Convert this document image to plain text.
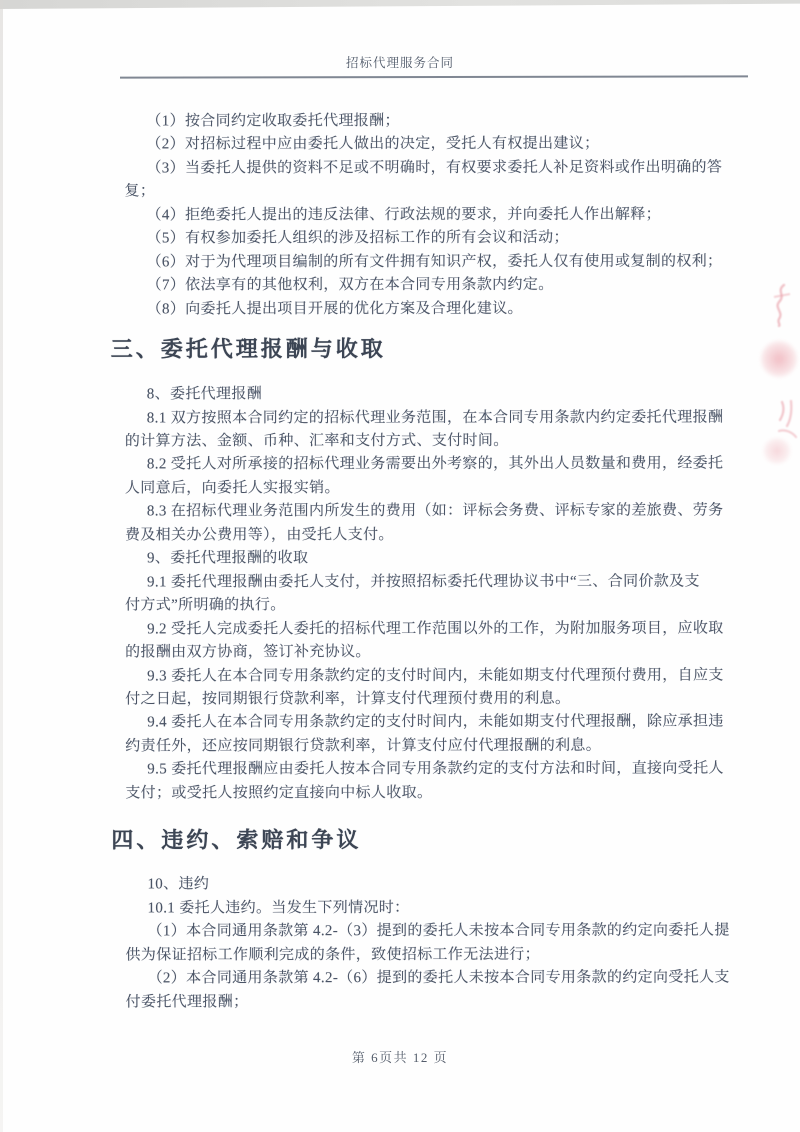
招标代理服务合同
（1）按合同约定收取委托代理报酬；
（2）对招标过程中应由委托人做出的决定，受托人有权提出建议；
（3）当委托人提供的资料不足或不明确时，有权要求委托人补足资料或作出明确的答
复；
（4）拒绝委托人提出的违反法律、行政法规的要求，并向委托人作出解释；
（5）有权参加委托人组织的涉及招标工作的所有会议和活动；
（6）对于为代理项目编制的所有文件拥有知识产权，委托人仅有使用或复制的权利；
（7）依法享有的其他权利，双方在本合同专用条款内约定。
（8）向委托人提出项目开展的优化方案及合理化建议。
三、委托代理报酬与收取
8、委托代理报酬
8.1 双方按照本合同约定的招标代理业务范围，在本合同专用条款内约定委托代理报酬
的计算方法、金额、币种、汇率和支付方式、支付时间。
8.2 受托人对所承接的招标代理业务需要出外考察的，其外出人员数量和费用，经委托
人同意后，向委托人实报实销。
8.3 在招标代理业务范围内所发生的费用（如：评标会务费、评标专家的差旅费、劳务
费及相关办公费用等），由受托人支付。
9、委托代理报酬的收取
9.1 委托代理报酬由委托人支付，并按照招标委托代理协议书中“三、合同价款及支
付方式”所明确的执行。
9.2 受托人完成委托人委托的招标代理工作范围以外的工作，为附加服务项目，应收取
的报酬由双方协商，签订补充协议。
9.3 委托人在本合同专用条款约定的支付时间内，未能如期支付代理预付费用，自应支
付之日起，按同期银行贷款利率，计算支付代理预付费用的利息。
9.4 委托人在本合同专用条款约定的支付时间内，未能如期支付代理报酬，除应承担违
约责任外，还应按同期银行贷款利率，计算支付应付代理报酬的利息。
9.5 委托代理报酬应由委托人按本合同专用条款约定的支付方法和时间，直接向受托人
支付；或受托人按照约定直接向中标人收取。
四、违约、索赔和争议
10、违约
10.1 委托人违约。当发生下列情况时：
（1）本合同通用条款第 4.2-（3）提到的委托人未按本合同专用条款的约定向委托人提
供为保证招标工作顺利完成的条件，致使招标工作无法进行；
（2）本合同通用条款第 4.2-（6）提到的委托人未按本合同专用条款的约定向受托人支
付委托代理报酬；
第 6页共 12 页
